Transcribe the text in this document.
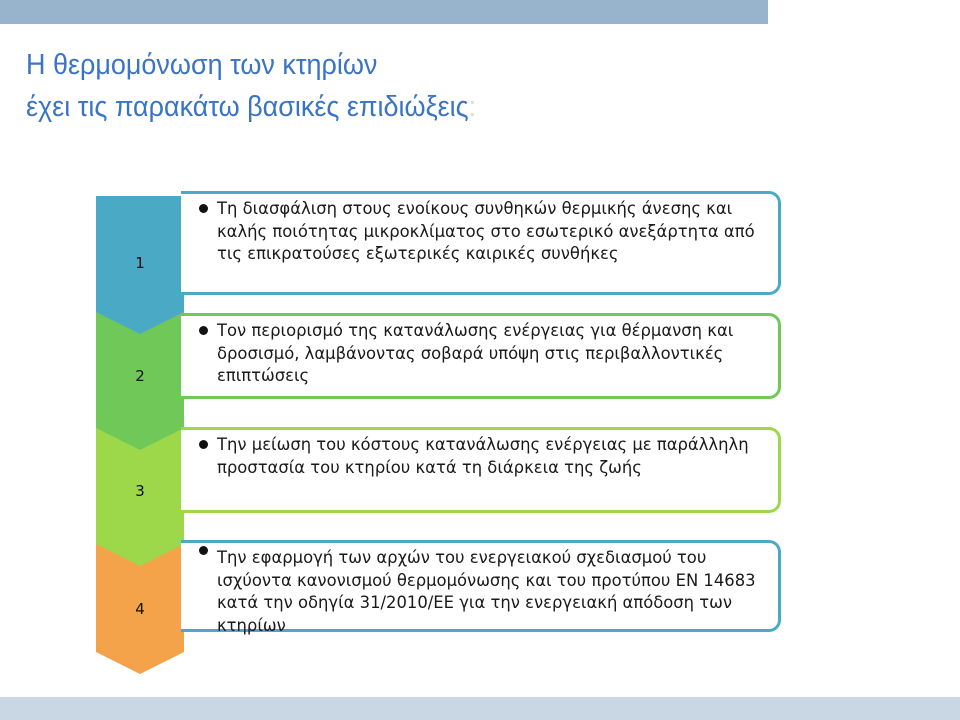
Η θερμομόνωση των κτηρίων
έχει τις παρακάτω βασικές επιδιώξεις:
1
2
3
4
Τη διασφάλιση στους ενοίκους συνθηκών θερμικής άνεσης και καλής ποιότητας μικροκλίματος στο εσωτερικό ανεξάρτητα από τις επικρατούσες εξωτερικές καιρικές συνθήκες
Τον περιορισμό της κατανάλωσης ενέργειας για θέρμανση και δροσισμό, λαμβάνοντας σοβαρά υπόψη στις περιβαλλοντικές επιπτώσεις
Την μείωση του κόστους κατανάλωσης ενέργειας με παράλληλη προστασία του κτηρίου κατά τη διάρκεια της ζωής
Την εφαρμογή των αρχών του ενεργειακού σχεδιασμού του ισχύοντα κανονισμού θερμομόνωσης και του προτύπου ΕΝ 14683 κατά την οδηγία 31/2010/ΕΕ για την ενεργειακή απόδοση των κτηρίων
